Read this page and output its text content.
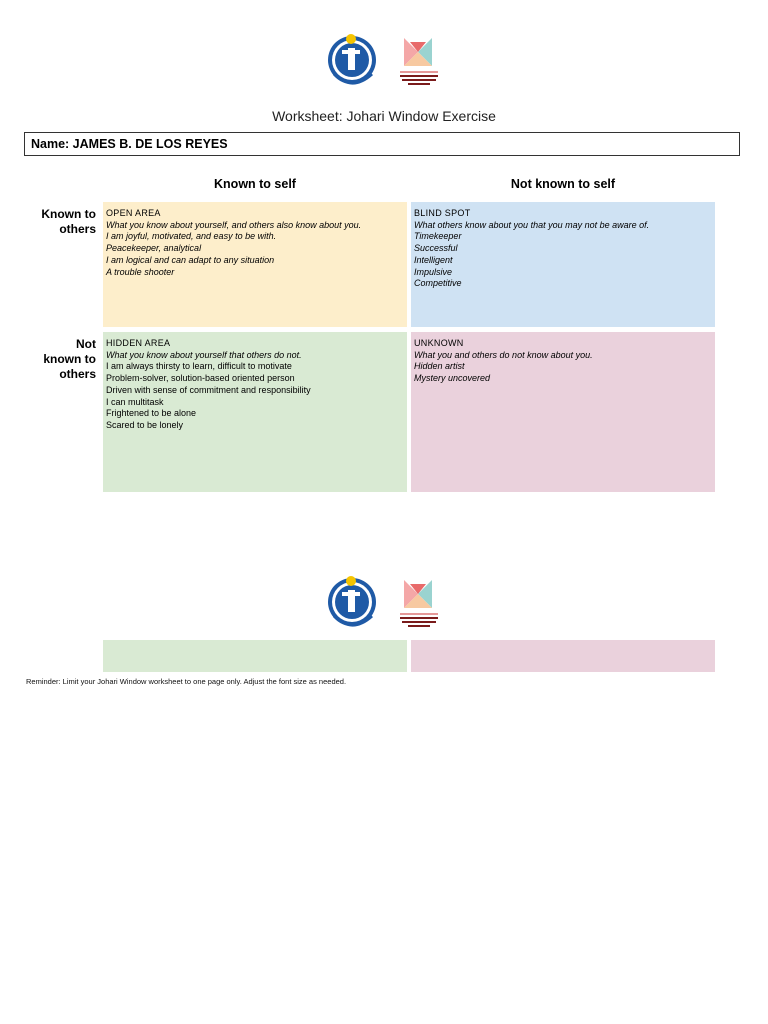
Worksheet: Johari Window Exercise
Name: JAMES B. DE LOS REYES
Known to self	Not known to self
Known to
others
Not
known to
others
OPEN AREA
What you know about yourself, and others also know about you.
I am joyful, motivated, and easy to be with.
Peacekeeper, analytical
I am logical and can adapt to any situation
A trouble shooter
BLIND SPOT
What others know about you that you may not be aware of.
Timekeeper
Successful
Intelligent
Impulsive
Competitive
HIDDEN AREA
What you know about yourself that others do not.
I am always thirsty to learn, difficult to motivate
Problem-solver, solution-based oriented person
Driven with sense of commitment and responsibility
I can multitask
Frightened to be alone
Scared to be lonely
UNKNOWN
What you and others do not know about you.
Hidden artist
Mystery uncovered
Reminder: Limit your Johari Window worksheet to one page only. Adjust the font size as needed.
